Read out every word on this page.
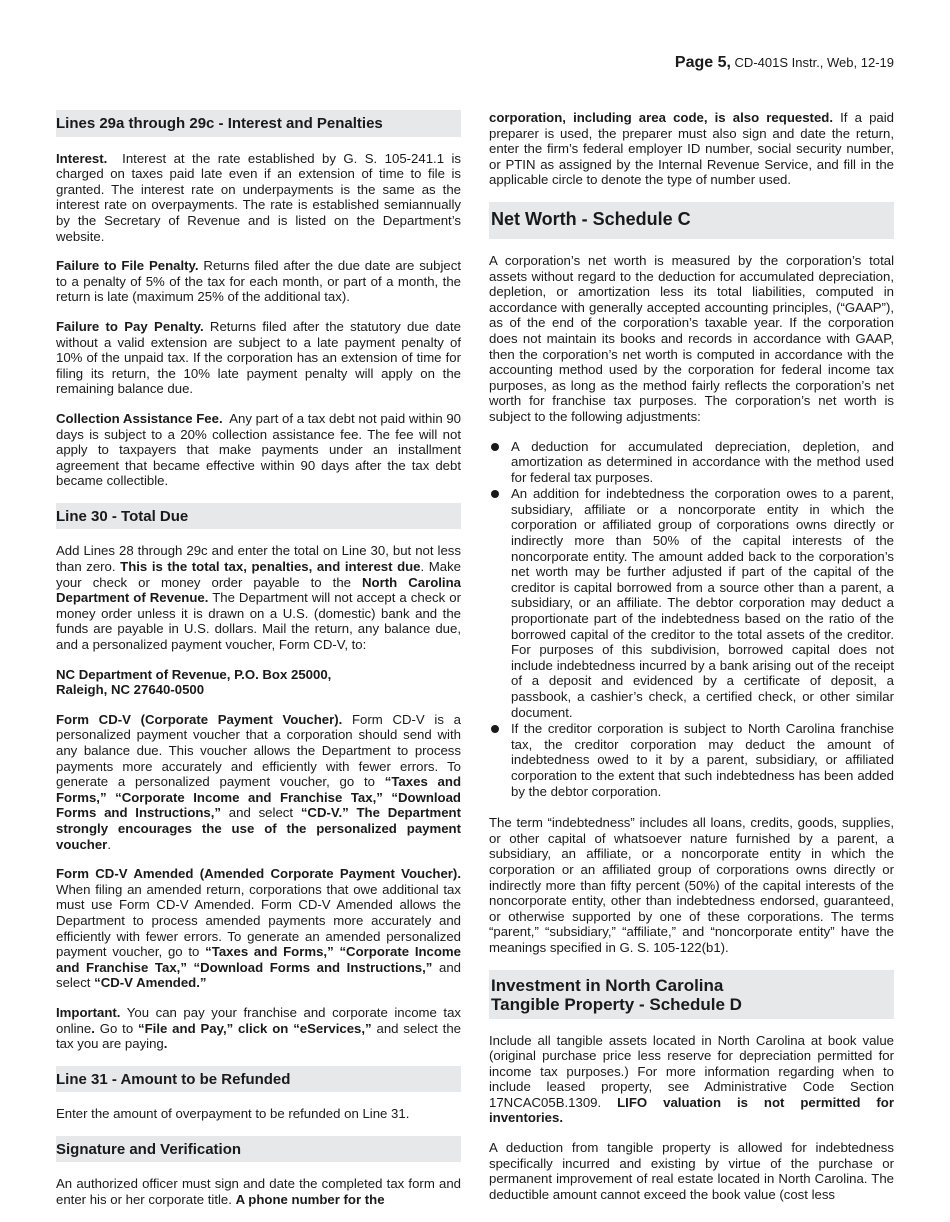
Page 5, CD-401S Instr., Web, 12-19
Lines 29a through 29c - Interest and Penalties

Interest. Interest at the rate established by G. S. 105-241.1 is charged on taxes paid late even if an extension of time to file is granted. The interest rate on underpayments is the same as the interest rate on overpayments. The rate is established semiannually by the Secretary of Revenue and is listed on the Department’s website.

Failure to File Penalty. Returns filed after the due date are subject to a penalty of 5% of the tax for each month, or part of a month, the return is late (maximum 25% of the additional tax).

Failure to Pay Penalty. Returns filed after the statutory due date without a valid extension are subject to a late payment penalty of 10% of the unpaid tax. If the corporation has an extension of time for filing its return, the 10% late payment penalty will apply on the remaining balance due.

Collection Assistance Fee. Any part of a tax debt not paid within 90 days is subject to a 20% collection assistance fee. The fee will not apply to taxpayers that make payments under an installment agreement that became effective within 90 days after the tax debt became collectible.

Line 30 - Total Due

Add Lines 28 through 29c and enter the total on Line 30, but not less than zero. This is the total tax, penalties, and interest due. Make your check or money order payable to the North Carolina Department of Revenue. The Department will not accept a check or money order unless it is drawn on a U.S. (domestic) bank and the funds are payable in U.S. dollars. Mail the return, any balance due, and a personalized payment voucher, Form CD-V, to:

NC Department of Revenue, P.O. Box 25000,
Raleigh, NC 27640-0500

Form CD-V (Corporate Payment Voucher). Form CD-V is a personalized payment voucher that a corporation should send with any balance due. This voucher allows the Department to process payments more accurately and efficiently with fewer errors. To generate a personalized payment voucher, go to “Taxes and Forms,” “Corporate Income and Franchise Tax,” “Download Forms and Instructions,” and select “CD-V.” The Department strongly encourages the use of the personalized payment voucher.

Form CD-V Amended (Amended Corporate Payment Voucher). When filing an amended return, corporations that owe additional tax must use Form CD-V Amended. Form CD-V Amended allows the Department to process amended payments more accurately and efficiently with fewer errors. To generate an amended personalized payment voucher, go to “Taxes and Forms,” “Corporate Income and Franchise Tax,” “Download Forms and Instructions,” and select “CD-V Amended.”

Important. You can pay your franchise and corporate income tax online. Go to “File and Pay,” click on “eServices,” and select the tax you are paying.

Line 31 - Amount to be Refunded

Enter the amount of overpayment to be refunded on Line 31.

Signature and Verification

An authorized officer must sign and date the completed tax form and enter his or her corporate title. A phone number for the

corporation, including area code, is also requested. If a paid preparer is used, the preparer must also sign and date the return, enter the firm’s federal employer ID number, social security number, or PTIN as assigned by the Internal Revenue Service, and fill in the applicable circle to denote the type of number used.

Net Worth - Schedule C

A corporation’s net worth is measured by the corporation’s total assets without regard to the deduction for accumulated depreciation, depletion, or amortization less its total liabilities, computed in accordance with generally accepted accounting principles, (“GAAP”), as of the end of the corporation’s taxable year. If the corporation does not maintain its books and records in accordance with GAAP, then the corporation’s net worth is computed in accordance with the accounting method used by the corporation for federal income tax purposes, as long as the method fairly reflects the corporation’s net worth for franchise tax purposes. The corporation’s net worth is subject to the following adjustments:

A deduction for accumulated depreciation, depletion, and amortization as determined in accordance with the method used for federal tax purposes.
An addition for indebtedness the corporation owes to a parent, subsidiary, affiliate or a noncorporate entity in which the corporation or affiliated group of corporations owns directly or indirectly more than 50% of the capital interests of the noncorporate entity. The amount added back to the corporation’s net worth may be further adjusted if part of the capital of the creditor is capital borrowed from a source other than a parent, a subsidiary, or an affiliate. The debtor corporation may deduct a proportionate part of the indebtedness based on the ratio of the borrowed capital of the creditor to the total assets of the creditor. For purposes of this subdivision, borrowed capital does not include indebtedness incurred by a bank arising out of the receipt of a deposit and evidenced by a certificate of deposit, a passbook, a cashier’s check, a certified check, or other similar document.
If the creditor corporation is subject to North Carolina franchise tax, the creditor corporation may deduct the amount of indebtedness owed to it by a parent, subsidiary, or affiliated corporation to the extent that such indebtedness has been added by the debtor corporation.

The term “indebtedness” includes all loans, credits, goods, supplies, or other capital of whatsoever nature furnished by a parent, a subsidiary, an affiliate, or a noncorporate entity in which the corporation or an affiliated group of corporations owns directly or indirectly more than fifty percent (50%) of the capital interests of the noncorporate entity, other than indebtedness endorsed, guaranteed, or otherwise supported by one of these corporations. The terms “parent,” “subsidiary,” “affiliate,” and “noncorporate entity” have the meanings specified in G. S. 105-122(b1).

Investment in North Carolina
Tangible Property - Schedule D

Include all tangible assets located in North Carolina at book value (original purchase price less reserve for depreciation permitted for income tax purposes.) For more information regarding when to include leased property, see Administrative Code Section 17NCAC05B.1309. LIFO valuation is not permitted for inventories.

A deduction from tangible property is allowed for indebtedness specifically incurred and existing by virtue of the purchase or permanent improvement of real estate located in North Carolina. The deductible amount cannot exceed the book value (cost less
